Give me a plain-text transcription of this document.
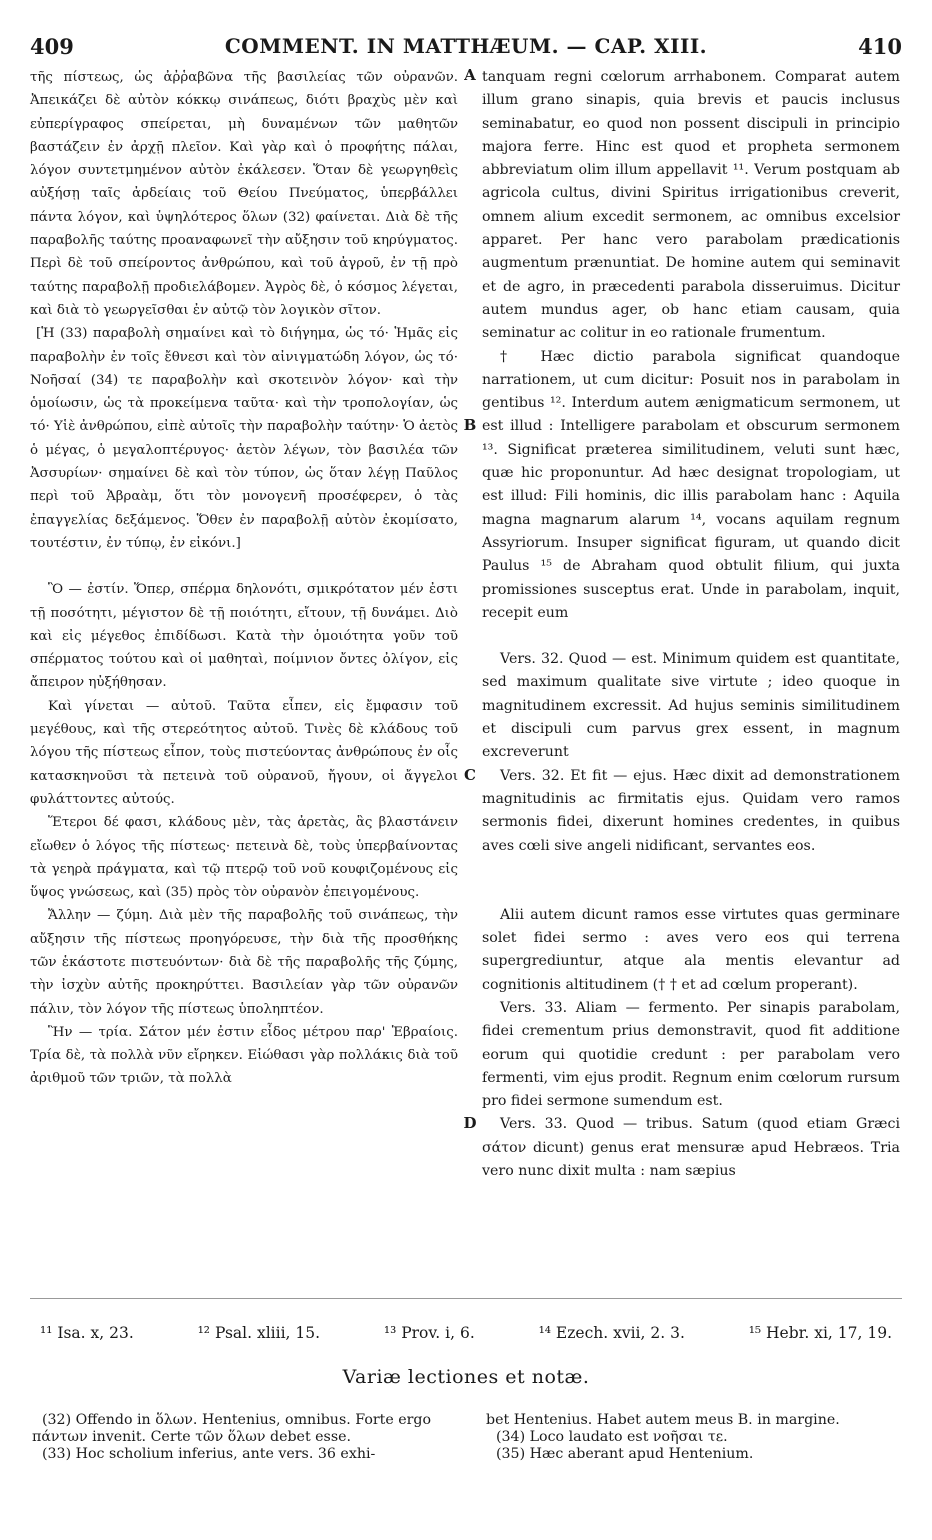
409	COMMENT. IN MATTHÆUM. — CAP. XIII.	410
A
B
C
D

τῆς πίστεως, ὡς ἀῤῥαβῶνα τῆς βασιλείας τῶν οὐρανῶν. Ἀπεικάζει δὲ αὐτὸν κόκκῳ σινάπεως, διότι βραχὺς μὲν καὶ εὐπερίγραφος σπείρεται, μὴ δυναμένων τῶν μαθητῶν βαστάζειν ἐν ἀρχῇ πλεῖον. Καὶ γὰρ καὶ ὁ προφήτης πάλαι, λόγον συντετμημένον αὐτὸν ἐκάλεσεν. Ὅταν δὲ γεωργηθεὶς αὐξήσῃ ταῖς ἀρδείαις τοῦ Θείου Πνεύματος, ὑπερβάλλει πάντα λόγον, καὶ ὑψηλότερος ὅλων (32) φαίνεται. Διὰ δὲ τῆς παραβολῆς ταύτης προαναφωνεῖ τὴν αὔξησιν τοῦ κηρύγματος. Περὶ δὲ τοῦ σπείροντος ἀνθρώπου, καὶ τοῦ ἀγροῦ, ἐν τῇ πρὸ ταύτης παραβολῇ προδιελάβομεν. Ἀγρὸς δὲ, ὁ κόσμος λέγεται, καὶ διὰ τὸ γεωργεῖσθαι ἐν αὐτῷ τὸν λογικὸν σῖτον.

[Ἡ (33) παραβολὴ σημαίνει καὶ τὸ διήγημα, ὡς τό· Ἡμᾶς εἰς παραβολὴν ἐν τοῖς ἔθνεσι καὶ τὸν αἰνιγματώδη λόγον, ὡς τό· Νοῆσαί (34) τε παραβολὴν καὶ σκοτεινὸν λόγον· καὶ τὴν ὁμοίωσιν, ὡς τὰ προκείμενα ταῦτα· καὶ τὴν τροπολογίαν, ὡς τό· Υἱὲ ἀνθρώπου, εἰπὲ αὐτοῖς τὴν παραβολὴν ταύτην· Ὁ ἀετὸς ὁ μέγας, ὁ μεγαλοπτέρυγος· ἀετὸν λέγων, τὸν βασιλέα τῶν Ἀσσυρίων· σημαίνει δὲ καὶ τὸν τύπον, ὡς ὅταν λέγῃ Παῦλος περὶ τοῦ Ἀβραὰμ, ὅτι τὸν μονογενῆ προσέφερεν, ὁ τὰς ἐπαγγελίας δεξάμενος. Ὅθεν ἐν παραβολῇ αὐτὸν ἐκομίσατο, τουτέστιν, ἐν τύπῳ, ἐν εἰκόνι.]

Ὃ — ἐστίν. Ὅπερ, σπέρμα δηλονότι, σμικρότατον μέν ἐστι τῇ ποσότητι, μέγιστον δὲ τῇ ποιότητι, εἴτουν, τῇ δυνάμει. Διὸ καὶ εἰς μέγεθος ἐπιδίδωσι. Κατὰ τὴν ὁμοιότητα γοῦν τοῦ σπέρματος τούτου καὶ οἱ μαθηταὶ, ποίμνιον ὄντες ὀλίγον, εἰς ἄπειρον ηὐξήθησαν.

Καὶ γίνεται — αὐτοῦ. Ταῦτα εἶπεν, εἰς ἔμφασιν τοῦ μεγέθους, καὶ τῆς στερεότητος αὐτοῦ. Τινὲς δὲ κλάδους τοῦ λόγου τῆς πίστεως εἶπον, τοὺς πιστεύοντας ἀνθρώπους ἐν οἷς κατασκηνοῦσι τὰ πετεινὰ τοῦ οὐρανοῦ, ἤγουν, οἱ ἄγγελοι φυλάττοντες αὐτούς.

Ἕτεροι δέ φασι, κλάδους μὲν, τὰς ἀρετὰς, ἃς βλαστάνειν εἴωθεν ὁ λόγος τῆς πίστεως· πετεινὰ δὲ, τοὺς ὑπερβαίνοντας τὰ γεηρὰ πράγματα, καὶ τῷ πτερῷ τοῦ νοῦ κουφιζομένους εἰς ὕψος γνώσεως, καὶ (35) πρὸς τὸν οὐρανὸν ἐπειγομένους.

Ἄλλην — ζύμη. Διὰ μὲν τῆς παραβολῆς τοῦ σινάπεως, τὴν αὔξησιν τῆς πίστεως προηγόρευσε, τὴν διὰ τῆς προσθήκης τῶν ἑκάστοτε πιστευόντων· διὰ δὲ τῆς παραβολῆς τῆς ζύμης, τὴν ἰσχὺν αὐτῆς προκηρύττει. Βασιλείαν γὰρ τῶν οὐρανῶν πάλιν, τὸν λόγον τῆς πίστεως ὑποληπτέον.

Ἣν — τρία. Σάτον μέν ἐστιν εἶδος μέτρου παρ' Ἑβραίοις. Τρία δὲ, τὰ πολλὰ νῦν εἴρηκεν. Εἰώθασι γὰρ πολλάκις διὰ τοῦ ἀριθμοῦ τῶν τριῶν, τὰ πολλὰ

tanquam regni cœlorum arrhabonem. Comparat autem illum grano sinapis, quia brevis et paucis inclusus seminabatur, eo quod non possent discipuli in principio majora ferre. Hinc est quod et propheta sermonem abbreviatum olim illum appellavit ¹¹. Verum postquam ab agricola cultus, divini Spiritus irrigationibus creverit, omnem alium excedit sermonem, ac omnibus excelsior apparet. Per hanc vero parabolam prædicationis augmentum prænuntiat. De homine autem qui seminavit et de agro, in præcedenti parabola disseruimus. Dicitur autem mundus ager, ob hanc etiam causam, quia seminatur ac colitur in eo rationale frumentum.

† Hæc dictio parabola significat quandoque narrationem, ut cum dicitur: Posuit nos in parabolam in gentibus ¹². Interdum autem ænigmaticum sermonem, ut est illud : Intelligere parabolam et obscurum sermonem ¹³. Significat præterea similitudinem, veluti sunt hæc, quæ hic proponuntur. Ad hæc designat tropologiam, ut est illud: Fili hominis, dic illis parabolam hanc : Aquila magna magnarum alarum ¹⁴, vocans aquilam regnum Assyriorum. Insuper significat figuram, ut quando dicit Paulus ¹⁵ de Abraham quod obtulit filium, qui juxta promissiones susceptus erat. Unde in parabolam, inquit, recepit eum

Vers. 32. Quod — est. Minimum quidem est quantitate, sed maximum qualitate sive virtute ; ideo quoque in magnitudinem excressit. Ad hujus seminis similitudinem et discipuli cum parvus grex essent, in magnum excreverunt

Vers. 32. Et fit — ejus. Hæc dixit ad demonstrationem magnitudinis ac firmitatis ejus. Quidam vero ramos sermonis fidei, dixerunt homines credentes, in quibus aves cœli sive angeli nidificant, servantes eos.

Alii autem dicunt ramos esse virtutes quas germinare solet fidei sermo : aves vero eos qui terrena supergrediuntur, atque ala mentis elevantur ad cognitionis altitudinem († † et ad cœlum properant).

Vers. 33. Aliam — fermento. Per sinapis parabolam, fidei crementum prius demonstravit, quod fit additione eorum qui quotidie credunt : per parabolam vero fermenti, vim ejus prodit. Regnum enim cœlorum rursum pro fidei sermone sumendum est.

Vers. 33. Quod — tribus. Satum (quod etiam Græci σάτον dicunt) genus erat mensuræ apud Hebræos. Tria vero nunc dixit multa : nam sæpius

¹¹ Isa. x, 23.	¹² Psal. xliii, 15.	¹³ Prov. i, 6.	¹⁴ Ezech. xvii, 2. 3.	¹⁵ Hebr. xi, 17, 19.
Variæ lectiones et notæ.

(32) Offendo in ὅλων. Hentenius, omnibus. Forte ergo πάντων invenit. Certe τῶν ὅλων debet esse.

(33) Hoc scholium inferius, ante vers. 36 exhi-

bet Hentenius. Habet autem meus B. in margine.

(34) Loco laudato est νοῆσαι τε.

(35) Hæc aberant apud Hentenium.
